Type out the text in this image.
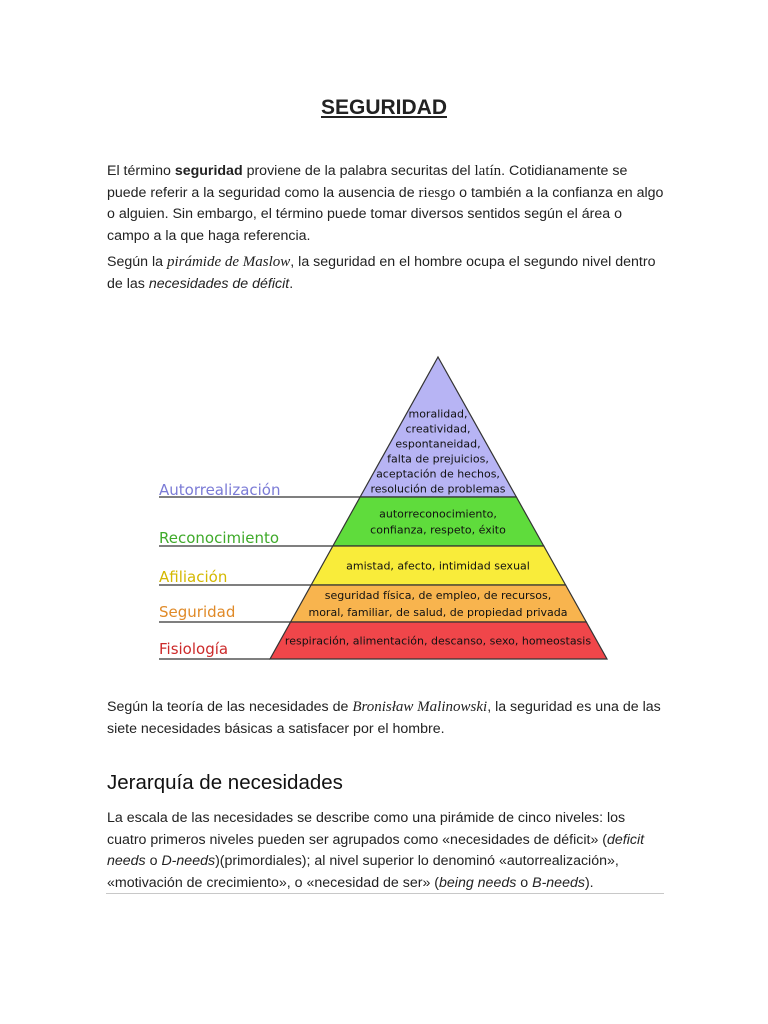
SEGURIDAD

El término seguridad proviene de la palabra securitas del latín. Cotidianamente se puede referir a la seguridad como la ausencia de riesgo o también a la confianza en algo o alguien. Sin embargo, el término puede tomar diversos sentidos según el área o campo a la que haga referencia.

Según la pirámide de Maslow, la seguridad en el hombre ocupa el segundo nivel dentro de las necesidades de déficit.

moralidad,
creatividad,
espontaneidad,
falta de prejuicios,
aceptación de hechos,
resolución de problemas
Autorrealización
autorreconocimiento,
confianza, respeto, éxito
Reconocimiento
amistad, afecto, intimidad sexual
Afiliación
seguridad física, de empleo, de recursos,
moral, familiar, de salud, de propiedad privada
Seguridad
respiración, alimentación, descanso, sexo, homeostasis
Fisiología

Según la teoría de las necesidades de Bronisław Malinowski, la seguridad es una de las siete necesidades básicas a satisfacer por el hombre.

Jerarquía de necesidades

La escala de las necesidades se describe como una pirámide de cinco niveles: los cuatro primeros niveles pueden ser agrupados como «necesidades de déficit» (deficit needs o D-needs)(primordiales); al nivel superior lo denominó «autorrealización», «motivación de crecimiento», o «necesidad de ser» (being needs o B-needs).
